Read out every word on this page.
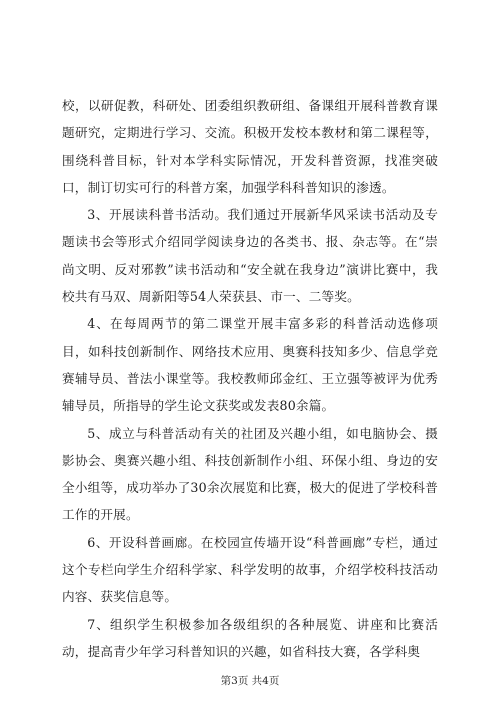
校，以研促教，科研处、团委组织教研组、备课组开展科普教育课题研究，定期进行学习、交流。积极开发校本教材和第二课程等，围绕科普目标，针对本学科实际情况，开发科普资源，找准突破口，制订切实可行的科普方案，加强学科科普知识的渗透。

3、开展读科普书活动。我们通过开展新华风采读书活动及专题读书会等形式介绍同学阅读身边的各类书、报、杂志等。在“崇尚文明、反对邪教”读书活动和“安全就在我身边”演讲比赛中，我校共有马双、周新阳等54人荣获县、市一、二等奖。

4、在每周两节的第二课堂开展丰富多彩的科普活动选修项目，如科技创新制作、网络技术应用、奥赛科技知多少、信息学竞赛辅导员、普法小课堂等。我校教师邱金红、王立强等被评为优秀辅导员，所指导的学生论文获奖或发表80余篇。

5、成立与科普活动有关的社团及兴趣小组，如电脑协会、摄影协会、奥赛兴趣小组、科技创新制作小组、环保小组、身边的安全小组等，成功举办了30余次展览和比赛，极大的促进了学校科普工作的开展。

6、开设科普画廊。在校园宣传墙开设“科普画廊”专栏，通过这个专栏向学生介绍科学家、科学发明的故事，介绍学校科技活动内容、获奖信息等。

7、组织学生积极参加各级组织的各种展览、讲座和比赛活动，提高青少年学习科普知识的兴趣，如省科技大赛，各学科奥

第3页 共4页
